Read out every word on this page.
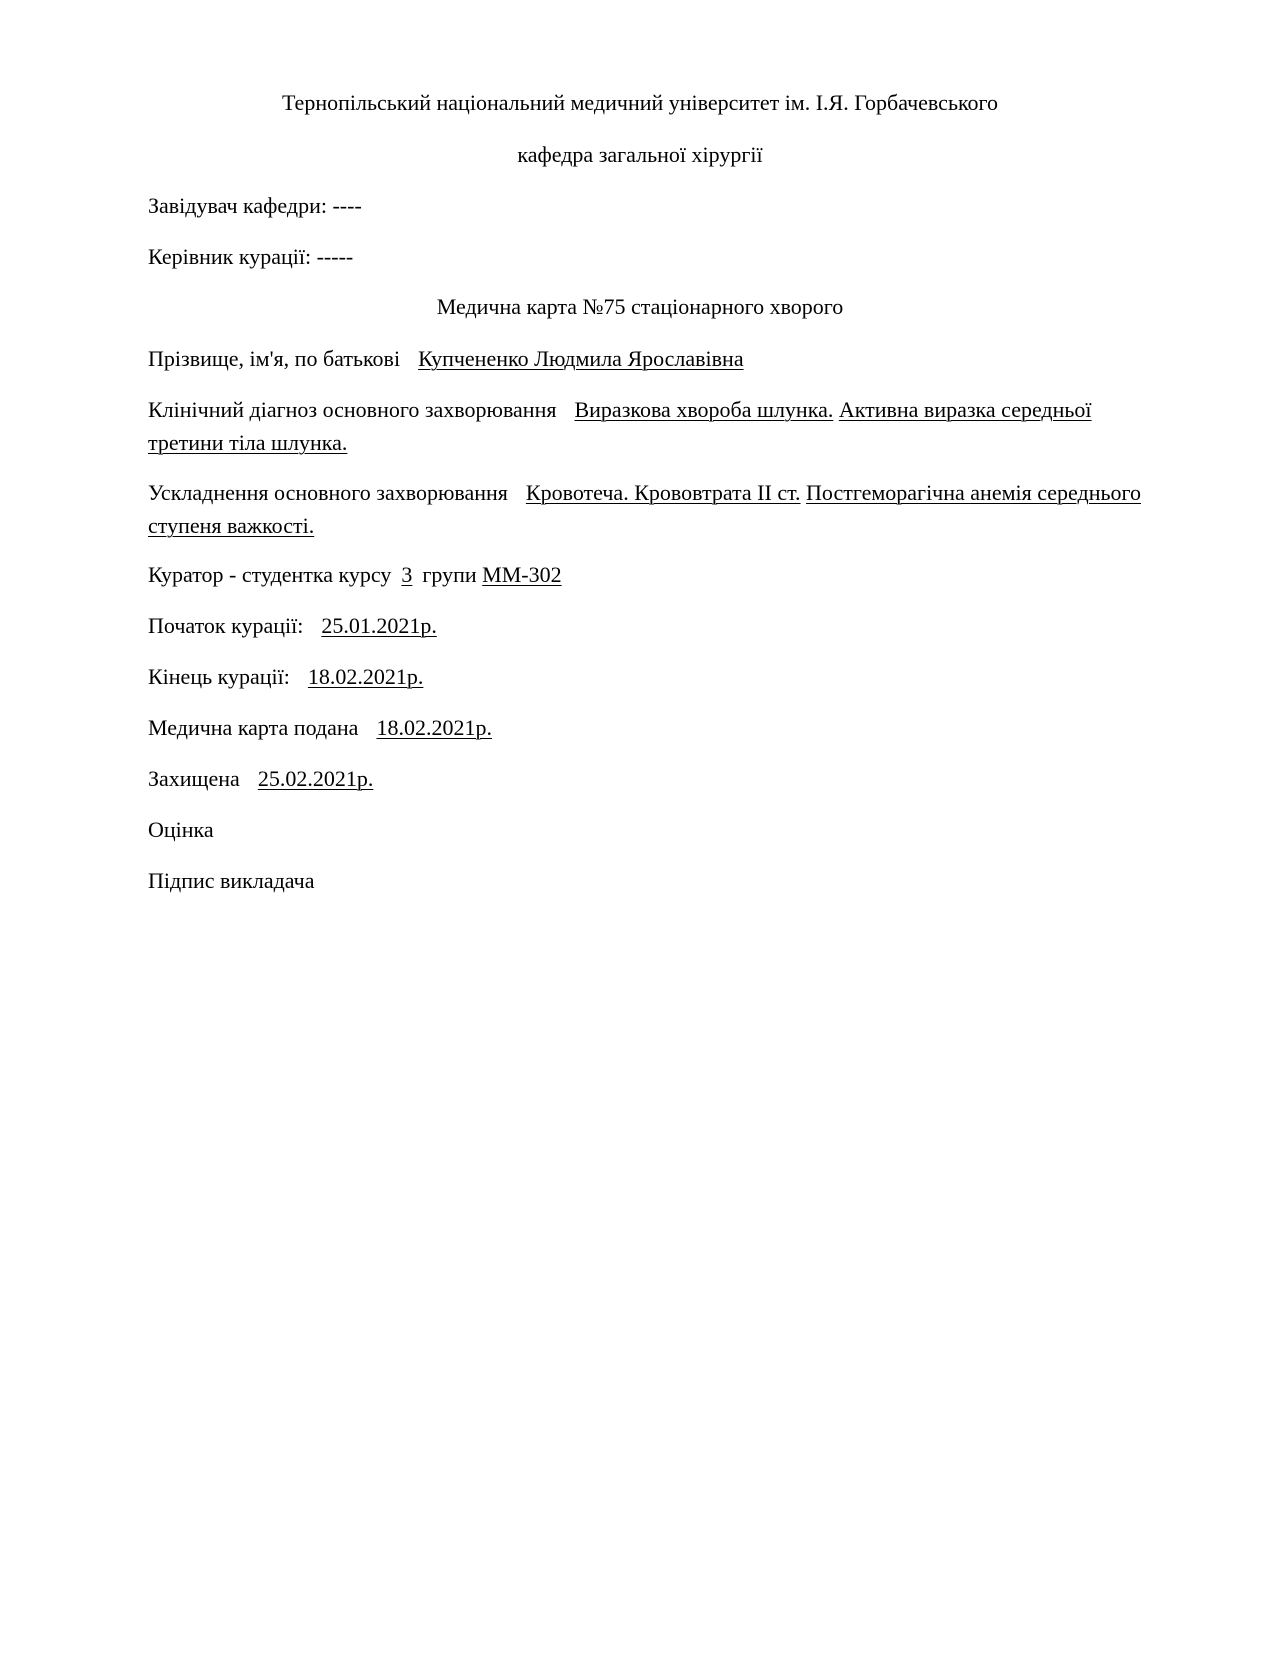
Тернопільський національний медичний університет ім. І.Я. Горбачевського
кафедра загальної хірургії
Завідувач кафедри: ----
Керівник курації: -----
Медична карта №75 стаціонарного хворого
Прізвище, ім'я, по батькові Купчененко Людмила Ярославівна
Клінічний діагноз основного захворювання Виразкова хвороба шлунка. Активна виразка середньої третини тіла шлунка.
Ускладнення основного захворювання Кровотеча. Крововтрата ІІ ст. Постгеморагічна анемія середнього ступеня важкості.
Куратор - студентка курсу 3 групи ММ-302
Початок курації: 25.01.2021р.
Кінець курації: 18.02.2021р.
Медична карта подана 18.02.2021р.
Захищена 25.02.2021р.
Оцінка
Підпис викладача
